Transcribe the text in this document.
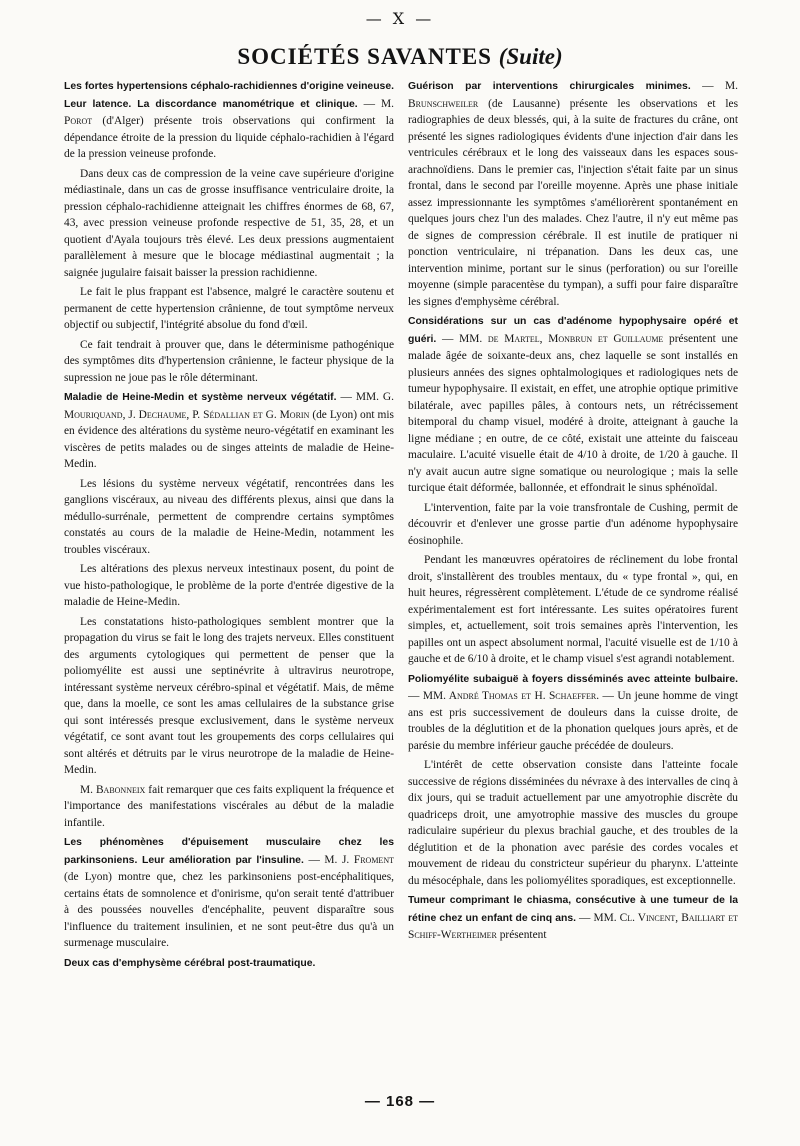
— X —
SOCIÉTÉS SAVANTES (Suite)

Les fortes hypertensions céphalo-rachidiennes d'origine veineuse. Leur latence. La discordance manométrique et clinique. — M. Porot (d'Alger) présente trois observations qui confirment la dépendance étroite de la pression du liquide céphalo-rachidien à l'égard de la pression veineuse profonde.

Dans deux cas de compression de la veine cave supérieure d'origine médiastinale, dans un cas de grosse insuffisance ventriculaire droite, la pression céphalo-rachidienne atteignait les chiffres énormes de 68, 67, 43, avec pression veineuse profonde respective de 51, 35, 28, et un quotient d'Ayala toujours très élevé. Les deux pressions augmentaient parallèlement à mesure que le blocage médiastinal augmentait ; la saignée jugulaire faisait baisser la pression rachidienne.

Le fait le plus frappant est l'absence, malgré le caractère soutenu et permanent de cette hypertension crânienne, de tout symptôme nerveux objectif ou subjectif, l'intégrité absolue du fond d'œil.

Ce fait tendrait à prouver que, dans le déterminisme pathogénique des symptômes dits d'hypertension crânienne, le facteur physique de la supression ne joue pas le rôle déterminant.

Maladie de Heine-Medin et système nerveux végétatif. — MM. G. Mouriquand, J. Dechaume, P. Sédallian et G. Morin (de Lyon) ont mis en évidence des altérations du système neuro-végétatif en examinant les viscères de petits malades ou de singes atteints de maladie de Heine-Medin.

Les lésions du système nerveux végétatif, rencontrées dans les ganglions viscéraux, au niveau des différents plexus, ainsi que dans la médullo-surrénale, permettent de comprendre certains symptômes constatés au cours de la maladie de Heine-Medin, notamment les troubles viscéraux.

Les altérations des plexus nerveux intestinaux posent, du point de vue histo-pathologique, le problème de la porte d'entrée digestive de la maladie de Heine-Medin.

Les constatations histo-pathologiques semblent montrer que la propagation du virus se fait le long des trajets nerveux. Elles constituent des arguments cytologiques qui permettent de penser que la poliomyélite est aussi une septinévrite à ultravirus neurotrope, intéressant système nerveux cérébro-spinal et végétatif. Mais, de même que, dans la moelle, ce sont les amas cellulaires de la substance grise qui sont intéressés presque exclusivement, dans le système nerveux végétatif, ce sont avant tout les groupements des corps cellulaires qui sont altérés et détruits par le virus neurotrope de la maladie de Heine-Medin.

M. Babonneix fait remarquer que ces faits expliquent la fréquence et l'importance des manifestations viscérales au début de la maladie infantile.

Les phénomènes d'épuisement musculaire chez les parkinsoniens. Leur amélioration par l'insuline. — M. J. Froment (de Lyon) montre que, chez les parkinsoniens post-encéphalitiques, certains états de somnolence et d'onirisme, qu'on serait tenté d'attribuer à des poussées nouvelles d'encéphalite, peuvent disparaître sous l'influence du traitement insulinien, et ne sont peut-être dus qu'à un surmenage musculaire.

Deux cas d'emphysème cérébral post-traumatique.

Guérison par interventions chirurgicales minimes. — M. Brunschweiler (de Lausanne) présente les observations et les radiographies de deux blessés, qui, à la suite de fractures du crâne, ont présenté les signes radiologiques évidents d'une injection d'air dans les ventricules cérébraux et le long des vaisseaux dans les espaces sous-arachnoïdiens. Dans le premier cas, l'injection s'était faite par un sinus frontal, dans le second par l'oreille moyenne. Après une phase initiale assez impressionnante les symptômes s'améliorèrent spontanément en quelques jours chez l'un des malades. Chez l'autre, il n'y eut même pas de signes de compression cérébrale. Il est inutile de pratiquer ni ponction ventriculaire, ni trépanation. Dans les deux cas, une intervention minime, portant sur le sinus (perforation) ou sur l'oreille moyenne (simple paracentèse du tympan), a suffi pour faire disparaître les signes d'emphysème cérébral.

Considérations sur un cas d'adénome hypophysaire opéré et guéri. — MM. de Martel, Monbrun et Guillaume présentent une malade âgée de soixante-deux ans, chez laquelle se sont installés en plusieurs années des signes ophtalmologiques et radiologiques nets de tumeur hypophysaire. Il existait, en effet, une atrophie optique primitive bilatérale, avec papilles pâles, à contours nets, un rétrécissement bitemporal du champ visuel, modéré à droite, atteignant à gauche la ligne médiane ; en outre, de ce côté, existait une atteinte du faisceau maculaire. L'acuité visuelle était de 4/10 à droite, de 1/20 à gauche. Il n'y avait aucun autre signe somatique ou neurologique ; mais la selle turcique était déformée, ballonnée, et effondrait le sinus sphénoïdal.

L'intervention, faite par la voie transfrontale de Cushing, permit de découvrir et d'enlever une grosse partie d'un adénome hypophysaire éosinophile.

Pendant les manœuvres opératoires de réclinement du lobe frontal droit, s'installèrent des troubles mentaux, du « type frontal », qui, en huit heures, régressèrent complètement. L'étude de ce syndrome réalisé expérimentalement est fort intéressante. Les suites opératoires furent simples, et, actuellement, soit trois semaines après l'intervention, les papilles ont un aspect absolument normal, l'acuité visuelle est de 1/10 à gauche et de 6/10 à droite, et le champ visuel s'est agrandi notablement.

Poliomyélite subaiguë à foyers disséminés avec atteinte bulbaire. — MM. André Thomas et H. Schaeffer. — Un jeune homme de vingt ans est pris successivement de douleurs dans la cuisse droite, de troubles de la déglutition et de la phonation quelques jours après, et de parésie du membre inférieur gauche précédée de douleurs.

L'intérêt de cette observation consiste dans l'atteinte focale successive de régions disséminées du névraxe à des intervalles de cinq à dix jours, qui se traduit actuellement par une amyotrophie discrète du quadriceps droit, une amyotrophie massive des muscles du groupe radiculaire supérieur du plexus brachial gauche, et des troubles de la déglutition et de la phonation avec parésie des cordes vocales et mouvement de rideau du constricteur supérieur du pharynx. L'atteinte du mésocéphale, dans les poliomyélites sporadiques, est exceptionnelle.

Tumeur comprimant le chiasma, consécutive à une tumeur de la rétine chez un enfant de cinq ans. — MM. Cl. Vincent, Bailliart et Schiff-Wertheimer présentent

— 168 —
